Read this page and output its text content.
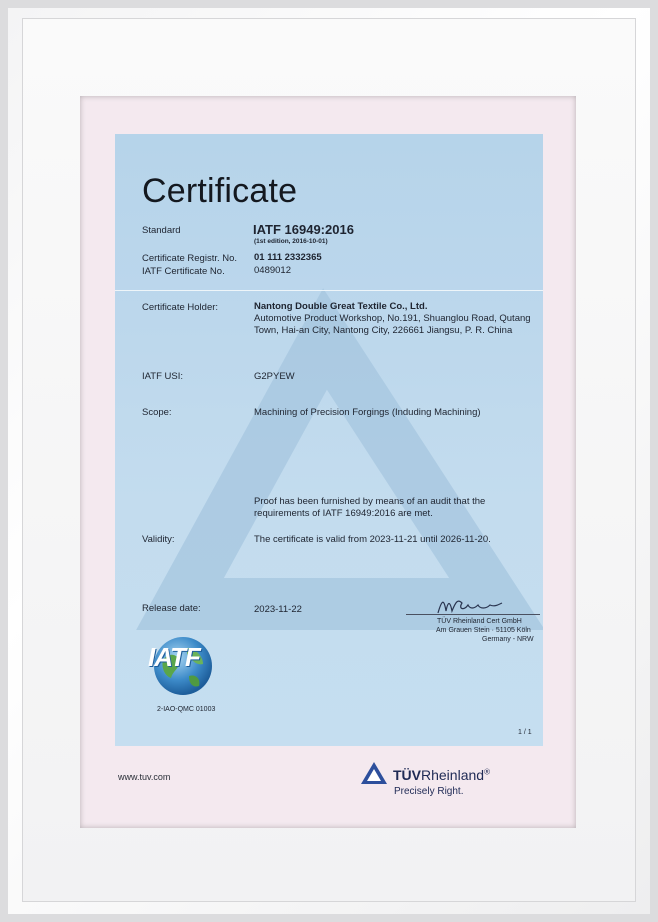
Certificate
Standard	IATF 16949:2016
(1st edition, 2016-10-01)
Certificate Registr. No. 01 111 2332365
IATF Certificate No.	0489012
Certificate Holder:	Nantong Double Great Textile Co., Ltd.
Automotive Product Workshop, No.191, Shuanglou Road, Qutang Town, Hai-an City, Nantong City, 226661 Jiangsu, P. R. China
IATF USI:	G2PYEW
Scope:	Machining of Precision Forgings (Induding Machining)
Proof has been furnished by means of an audit that the requirements of IATF 16949:2016 are met.
Validity:	The certificate is valid from 2023-11-21 until 2026-11-20.
Release date:	2023-11-22
TÜV Rheinland Cert GmbH
Am Grauen Stein · 51105 Köln
Germany - NRW
IATF
2-IAO-QMC 01003
1 / 1
www.tuv.com	TÜVRheinland®
Precisely Right.
